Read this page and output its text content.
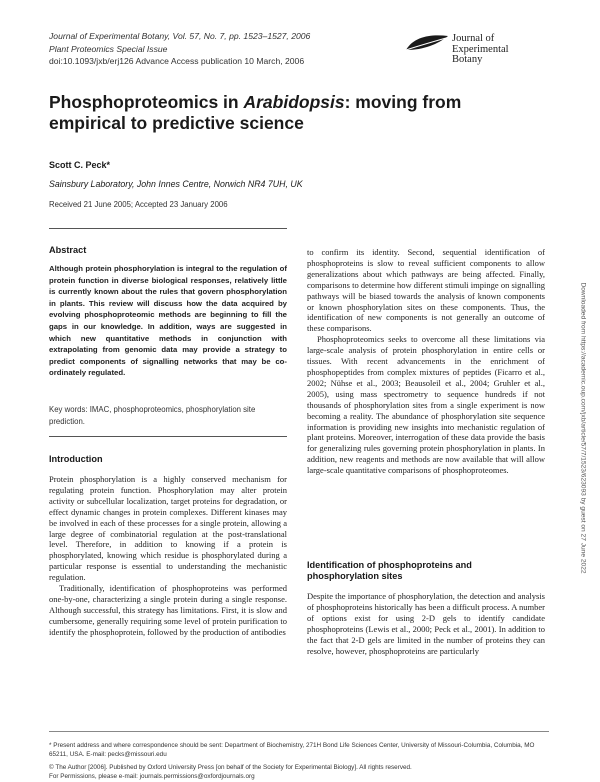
Journal of Experimental Botany, Vol. 57, No. 7, pp. 1523–1527, 2006
Plant Proteomics Special Issue
doi:10.1093/jxb/erj126 Advance Access publication 10 March, 2006
Journal of
Experimental
Botany
Phosphoproteomics in Arabidopsis: moving from empirical to predictive science
Scott C. Peck*
Sainsbury Laboratory, John Innes Centre, Norwich NR4 7UH, UK
Received 21 June 2005; Accepted 23 January 2006
Abstract
Although protein phosphorylation is integral to the regulation of protein function in diverse biological responses, relatively little is currently known about the rules that govern phosphorylation in plants. This review will discuss how the data acquired by evolving phosphoproteomic methods are beginning to fill the gaps in our knowledge. In addition, ways are suggested in which new quantitative methods in conjunction with extrapolating from genomic data may provide a strategy to predict components of signalling networks that may be co-ordinately regulated.
Key words: IMAC, phosphoproteomics, phosphorylation site prediction.
Introduction

Protein phosphorylation is a highly conserved mechanism for regulating protein function. Phosphorylation may alter protein activity or subcellular localization, target proteins for degradation, or effect dynamic changes in protein complexes. Different kinases may be involved in each of these processes for a single protein, allowing a large degree of combinatorial regulation at the post-translational level. Therefore, in addition to knowing if a protein is phosphorylated, knowing which residue is phosphorylated during a particular response is essential to understanding the mechanistic regulation.

Traditionally, identification of phosphoproteins was performed one-by-one, characterizing a single protein during a single response. Although successful, this strategy has limitations. First, it is slow and cumbersome, generally requiring some level of protein purification to identify the phosphoprotein, followed by the production of antibodies

to confirm its identity. Second, sequential identification of phosphoproteins is slow to reveal sufficient components to allow generalizations about which pathways are being affected. Finally, comparisons to determine how different stimuli impinge on signalling pathways will be biased towards the analysis of known components or known phosphorylation sites on these components. Thus, the identification of new components is not generally an outcome of these comparisons.

Phosphoproteomics seeks to overcome all these limitations via large-scale analysis of protein phosphorylation in entire cells or tissues. With recent advancements in the enrichment of phosphopeptides from complex mixtures of peptides (Ficarro et al., 2002; Nühse et al., 2003; Beausoleil et al., 2004; Gruhler et al., 2005), using mass spectrometry to sequence hundreds if not thousands of phosphorylation sites from a single experiment is now becoming a reality. The abundance of phosphorylation site sequence information is providing new insights into mechanistic regulation of plant proteins. Moreover, interrogation of these data provide the basis for generalizing rules governing protein phosphorylation in plants. In addition, new reagents and methods are now available that will allow large-scale quantitative comparisons of phosphoproteomes.

Identification of phosphoproteins and phosphorylation sites

Despite the importance of phosphorylation, the detection and analysis of phosphoproteins historically has been a difficult process. A number of options exist for using 2-D gels to identify candidate phosphoproteins (Lewis et al., 2000; Peck et al., 2001). In addition to the fact that 2-D gels are limited in the number of proteins they can resolve, however, phosphoproteins are particularly

* Present address and where correspondence should be sent: Department of Biochemistry, 271H Bond Life Sciences Center, University of Missouri-Columbia, Columbia, MO 65211, USA. E-mail: pecks@missouri.edu
© The Author [2006]. Published by Oxford University Press [on behalf of the Society for Experimental Biology]. All rights reserved.
For Permissions, please e-mail: journals.permissions@oxfordjournals.org
Downloaded from https://academic.oup.com/jxb/article/57/7/1523/623093 by guest on 27 June 2022
